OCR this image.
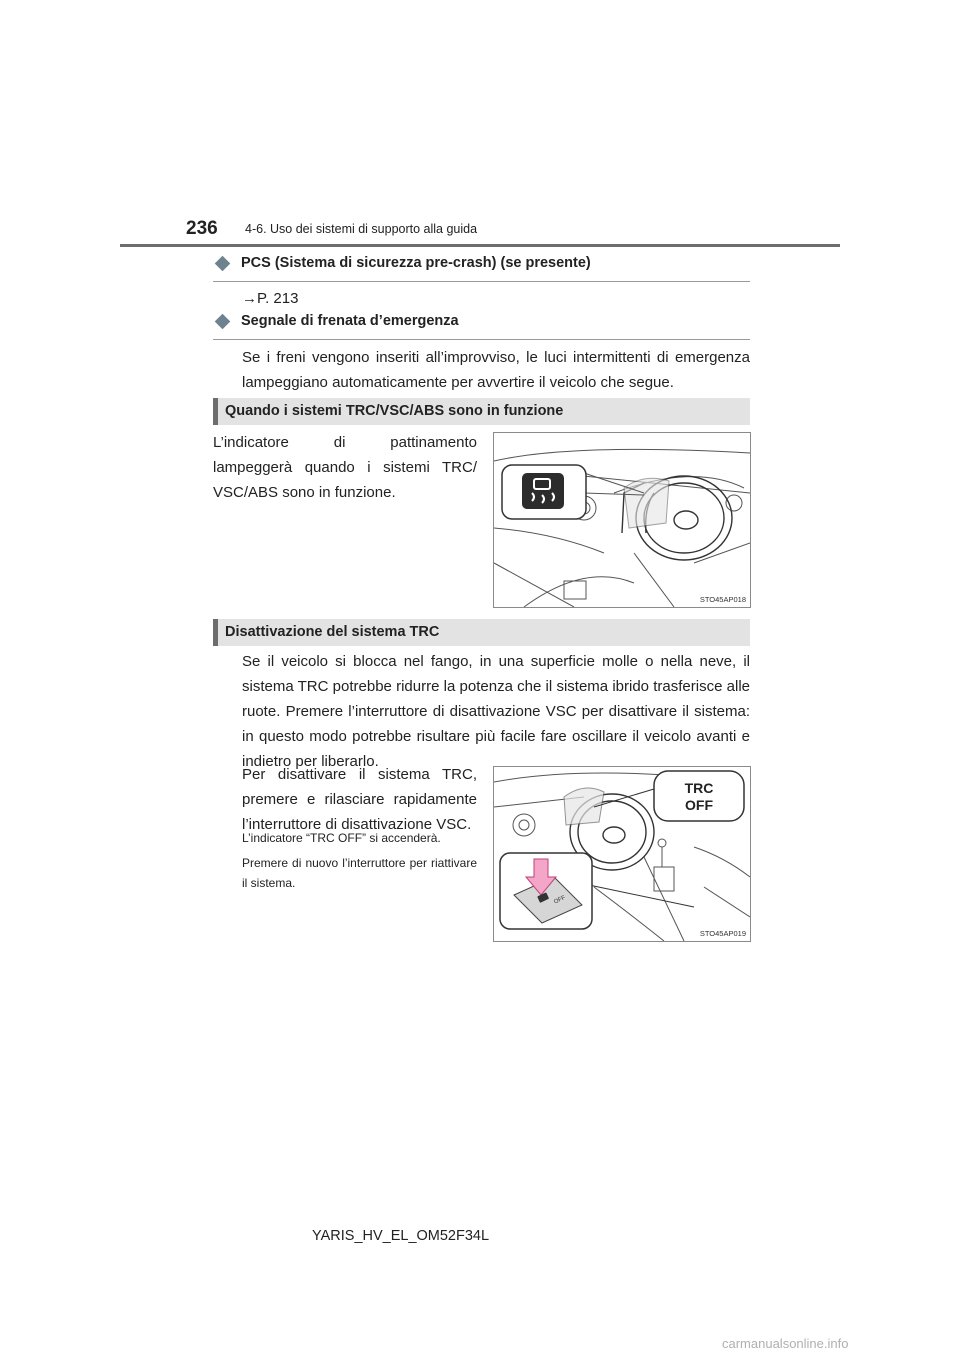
236 4-6. Uso dei sistemi di supporto alla guida
PCS (Sistema di sicurezza pre-crash) (se presente)
→P. 213
Segnale di frenata d’emergenza
Se i freni vengono inseriti all’improvviso, le luci intermittenti di emergenza lampeggiano automaticamente per avvertire il veicolo che segue.
Quando i sistemi TRC/VSC/ABS sono in funzione
L’indicatore di pattinamento lampeggerà quando i sistemi TRC/ VSC/ABS sono in funzione.
STO45AP018
Disattivazione del sistema TRC
Se il veicolo si blocca nel fango, in una superficie molle o nella neve, il sistema TRC potrebbe ridurre la potenza che il sistema ibrido trasferisce alle ruote. Premere l’interruttore di disattivazione VSC per disattivare il sistema: in questo modo potrebbe risultare più facile fare oscillare il veicolo avanti e indietro per liberarlo.
Per disattivare il sistema TRC, premere e rilasciare rapidamente l’interruttore di disattivazione VSC.
L’indicatore “TRC OFF” si accenderà.
Premere di nuovo l’interruttore per riattivare il sistema.
TRC
OFF
OFF
STO45AP019
YARIS_HV_EL_OM52F34L
carmanualsonline.info
